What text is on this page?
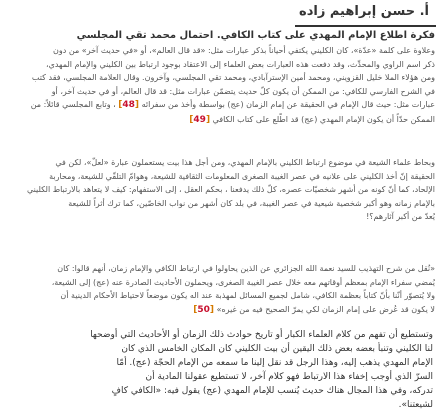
أ. حسن إبراهيم زاده
فكرة اطلاع الإمام المهدي على كتاب الكافي. احتمال محمد تقي المجلسي
وعلاوة على كلمة «عدّة»، كان الكليني يكتفي أحياناً بذكر عبارات مثل: «قد قال العالم»، أو «في حديث آخر» من دون
ذكر اسم الراوي والمحدِّث، وقد دفعت هذه العبارات بعض العلماء إلى الاعتقاد بوجود ارتباط بين الكليني والإمام المهدي،
ومن هؤلاء الملا خليل القزويني، ومحمد أمين الإسترآبادي، ومحمد تقي المجلسي، وآخرون. وقال العلامة المجلسي، فقد كتب
في الشرح الفارسي للكافي: من الممكن أن يكون كلّ حديث يتضمّن عبارات مثل: قد قال العالم، أو في حديث آخر، أو
عبارات مثل: حيث قال الإمام في الحقيقة عن إمام الزمان (عج) بواسطة وأخذ من سفرائه [48] ، وتابع المجلسي قائلاً: من
الممكن حدّاً أن يكون الإمام المهدي (عج) قد اطّلع على كتاب الكافي [49]
وبحاط علماء الشيعة في موضوع ارتباط الكليني بالإمام المهدي، ومن أجل هذا بيت يستعملون عبارة «لعلّ»، لكن في
الحقيقة إنّ أخذ الكليني على علانيه في عصر الغيبة الصغرى المعلومات الثقافية للشيعة، وهوامّ التلقّي للشيعة، ومحاربة
الإلحاد، كما أنّ كونه من أشهر شخصيّات عصره، كلّ ذلك يدفعنا ، بحكم العقل ، إلى الاستفهام: كيف لا يتعاهد بالارتباط الكليني
بالإمام زمانه وهو أكبر شخصية شيعية في عصر الغيبة، في بلد كان أشهر من نواب الخاصّين، كما ترك أثراً للشيعة
يُعدّ من أكبر آثارهم؟!
«نُقل من شرح التهذيب للسيد نعمة الله الجزائري عن الذين يحاولوا في ارتباط الكافي والإمام زمان، أنهم قالوا: كان
يُمضي سفراء الإمام بمعظم أوقاتهم معه خلال عصر الغيبة الصغرى، ويحملون الأحاديث الصادرة عنه (عج) إلى الشيعة،
ولا يُتصوّر أنّنا بأنّ كتاباً بعظمة الكافي، شامل لجميع المسائل لمهذبة عند اله يكون موضعاً لاحتياط الأحكام الدينية أن
لا يكون قد عُرض على إمام الزمان لكي يمرّ الصحيح فيه من غيره» [50]
وتستطيع أن تفهم من كلام العلماء الكبار أو تاريخ حوادث ذلك الزمان أو الأحاديث التي أوضحها
لنا الكليني وتنبأ بعضه بعض ذلك اليقين أن بيت الكليني كان المكان الخامس الذي كان
الإمام المهدي يذهب إليه، وهذا الرجل قد نقل إلينا ما سمعه من الإمام الحجّة (عج). أمّا
السرّ الذي أوجب إخفاء هذا الارتباط فهو كلام آخر، لا تستطيع عقولنا المادية أن
تدركه، وفي هذا المجال هناك حديث يُنسب للإمام المهدي (عج) يقول فيه: «الكافي كافٍ
لشيعتنا».
